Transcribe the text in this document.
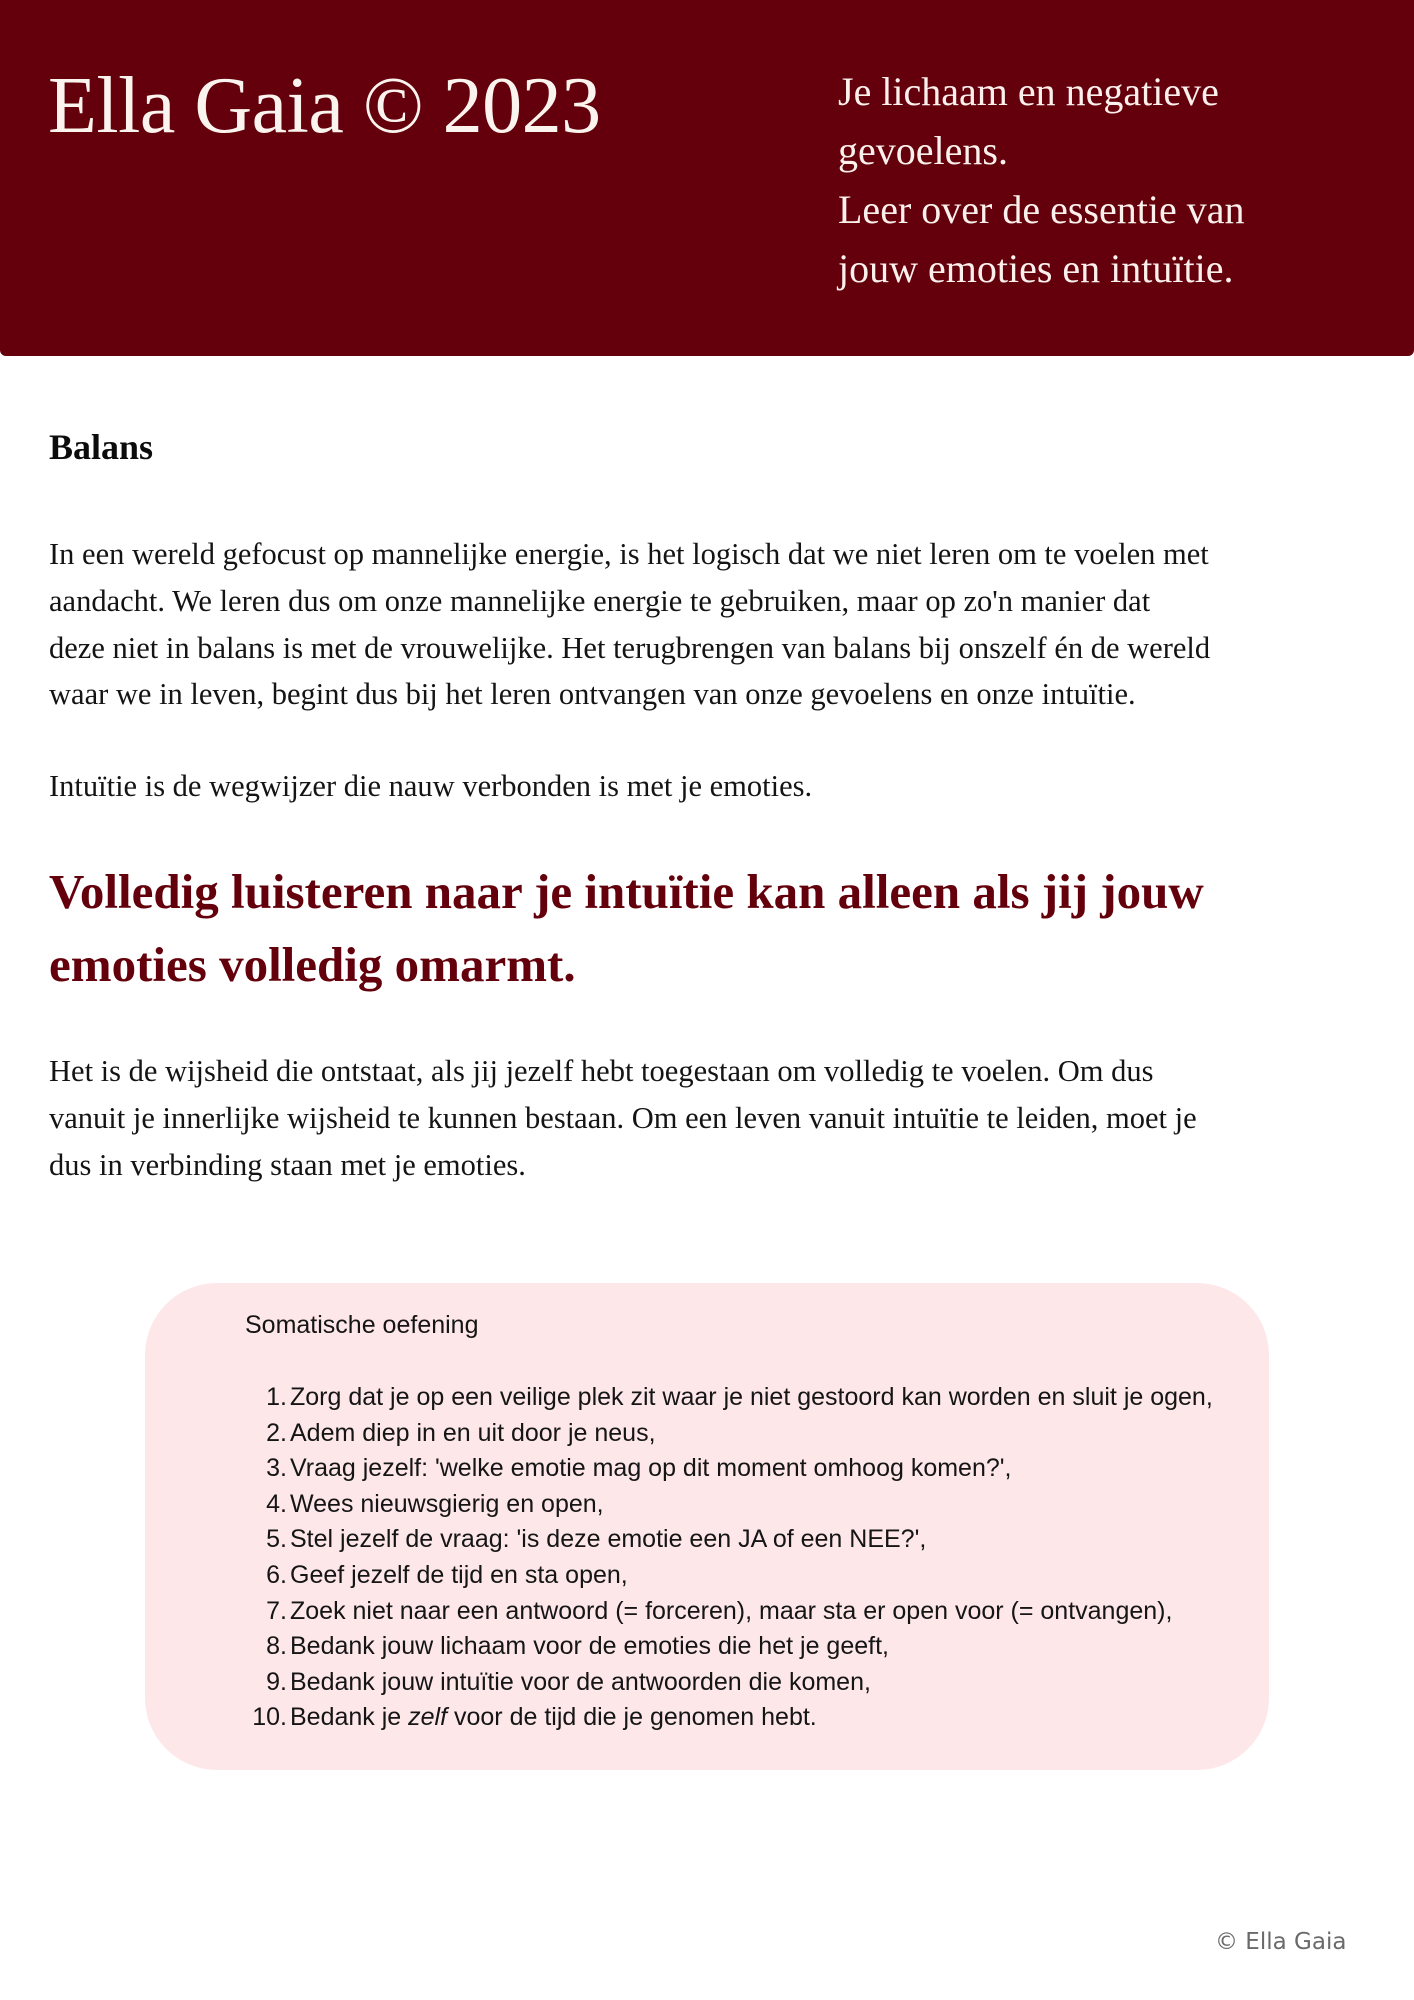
Ella Gaia © 2023	Je lichaam en negatieve
gevoelens.
Leer over de essentie van
jouw emoties en intuïtie.
Balans

In een wereld gefocust op mannelijke energie, is het logisch dat we niet leren om te voelen met
aandacht. We leren dus om onze mannelijke energie te gebruiken, maar op zo'n manier dat
deze niet in balans is met de vrouwelijke. Het terugbrengen van balans bij onszelf én de wereld
waar we in leven, begint dus bij het leren ontvangen van onze gevoelens en onze intuïtie.

Intuïtie is de wegwijzer die nauw verbonden is met je emoties.

Volledig luisteren naar je intuïtie kan alleen als jij jouw
emoties volledig omarmt.

Het is de wijsheid die ontstaat, als jij jezelf hebt toegestaan om volledig te voelen. Om dus
vanuit je innerlijke wijsheid te kunnen bestaan. Om een leven vanuit intuïtie te leiden, moet je
dus in verbinding staan met je emoties.

Somatische oefening
1. Zorg dat je op een veilige plek zit waar je niet gestoord kan worden en sluit je ogen,
2. Adem diep in en uit door je neus,
3. Vraag jezelf: 'welke emotie mag op dit moment omhoog komen?',
4. Wees nieuwsgierig en open,
5. Stel jezelf de vraag: 'is deze emotie een JA of een NEE?',
6. Geef jezelf de tijd en sta open,
7. Zoek niet naar een antwoord (= forceren), maar sta er open voor (= ontvangen),
8. Bedank jouw lichaam voor de emoties die het je geeft,
9. Bedank jouw intuïtie voor de antwoorden die komen,
10. Bedank je zelf voor de tijd die je genomen hebt.
© Ella Gaia
